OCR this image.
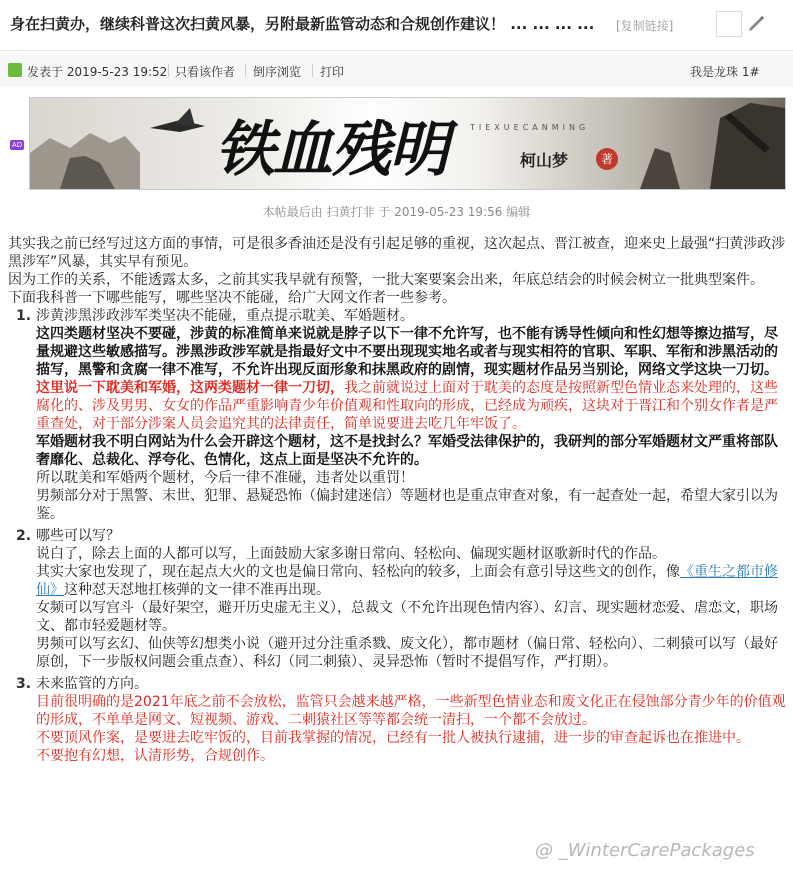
身在扫黄办，继续科普这次扫黄风暴，另附最新监管动态和合规创作建议！ ... ... ... ... [复制链接]
发表于 2019-5-23 19:52 只看该作者 倒序浏览 打印	我是龙珠 1#
AD	铁血残明	TIEXUECANMING
柯山梦	著
本帖最后由 扫黄打非 于 2019-05-23 19:56 编辑

其实我之前已经写过这方面的事情，可是很多香油还是没有引起足够的重视，这次起点、晋江被查，迎来史上最强“扫黄涉政涉黑涉军”风暴，其实早有预见。

因为工作的关系，不能透露太多，之前其实我早就有预警，一批大案要案会出来，年底总结会的时候会树立一批典型案件。

下面我科普一下哪些能写，哪些坚决不能碰，给广大网文作者一些参考。

1. 涉黄涉黑涉政涉军类坚决不能碰，重点提示耽美、军婚题材。

这四类题材坚决不要碰，涉黄的标准简单来说就是脖子以下一律不允许写，也不能有诱导性倾向和性幻想等擦边描写，尽量规避这些敏感描写。涉黑涉政涉军就是指最好文中不要出现现实地名或者与现实相符的官职、军职、军衔和涉黑活动的描写，黑警和贪腐一律不准写，不允许出现反面形象和抹黑政府的剧情，现实题材作品另当别论，网络文学这块一刀切。

这里说一下耽美和军婚，这两类题材一律一刀切，我之前就说过上面对于耽美的态度是按照新型色情业态来处理的，这些腐化的、涉及男男、女女的作品严重影响青少年价值观和性取向的形成，已经成为顽疾，这块对于晋江和个别女作者是严重查处，对于部分涉案人员会追究其的法律责任，简单说要进去吃几年牢饭了。

军婚题材我不明白网站为什么会开辟这个题材，这不是找封么？军婚受法律保护的，我研判的部分军婚题材文严重将部队奢靡化、总裁化、浮夸化、色情化，这点上面是坚决不允许的。

所以耽美和军婚两个题材，今后一律不准碰，违者处以重罚！

男频部分对于黑警、末世、犯罪、悬疑恐怖（偏封建迷信）等题材也是重点审查对象，有一起查处一起，希望大家引以为鉴。

2. 哪些可以写？

说白了，除去上面的人都可以写，上面鼓励大家多谢日常向、轻松向、偏现实题材讴歌新时代的作品。

其实大家也发现了，现在起点大火的文也是偏日常向、轻松向的较多，上面会有意引导这些文的创作，像《重生之都市修仙》这种怼天怼地扛核弹的文一律不准再出现。

女频可以写宫斗（最好架空，避开历史虚无主义），总裁文（不允许出现色情内容）、幻言、现实题材恋爱、虐恋文，职场文、都市轻爱题材等。

男频可以写玄幻、仙侠等幻想类小说（避开过分注重杀戮、废文化），都市题材（偏日常、轻松向）、二刺猿可以写（最好原创，下一步版权问题会重点查）、科幻（同二刺猿）、灵异恐怖（暂时不提倡写作，严打期）。

3. 未来监管的方向。

目前很明确的是2021年底之前不会放松，监管只会越来越严格，一些新型色情业态和废文化正在侵蚀部分青少年的价值观的形成，不单单是网文、短视频、游戏、二刺猿社区等等都会统一清扫，一个都不会放过。

不要顶风作案，是要进去吃牢饭的，目前我掌握的情况，已经有一批人被执行逮捕，进一步的审查起诉也在推进中。

不要抱有幻想，认清形势，合规创作。

@ _WinterCarePackages
